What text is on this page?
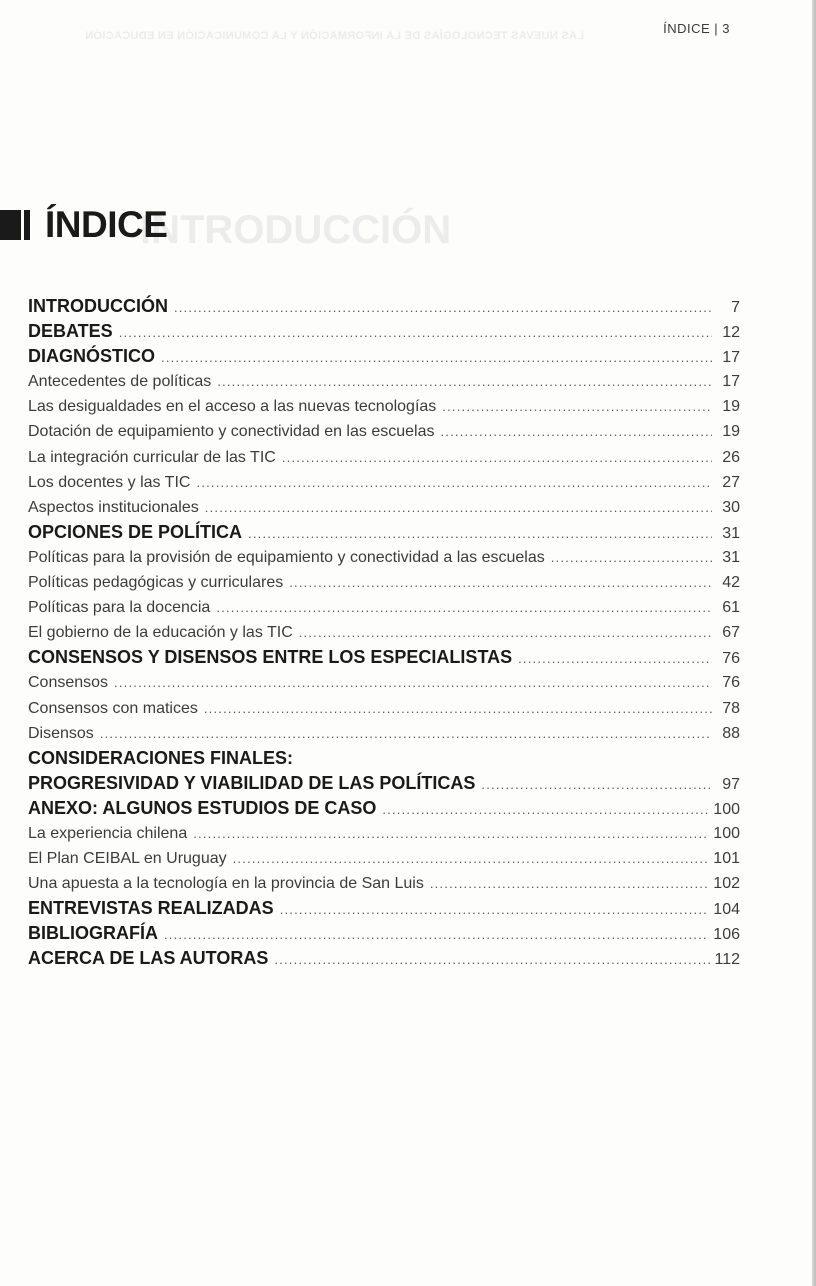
LAS NUEVAS TECNOLOGÍAS DE LA INFORMACIÓN Y LA COMUNICACIÓN EN EDUCACIÓN
INTRODUCCIÓN
ÍNDICE | 3
ÍNDICE
INTRODUCCIÓN .....	7
DEBATES .....	12
DIAGNÓSTICO .....	17
Antecedentes de políticas .....	17
Las desigualdades en el acceso a las nuevas tecnologías .....	19
Dotación de equipamiento y conectividad en las escuelas .....	19
La integración curricular de las TIC .....	26
Los docentes y las TIC .....	27
Aspectos institucionales .....	30
OPCIONES DE POLÍTICA .....	31
Políticas para la provisión de equipamiento y conectividad a las escuelas .....	31
Políticas pedagógicas y curriculares .....	42
Políticas para la docencia .....	61
El gobierno de la educación y las TIC .....	67
CONSENSOS Y DISENSOS ENTRE LOS ESPECIALISTAS .....	76
Consensos .....	76
Consensos con matices .....	78
Disensos .....	88
CONSIDERACIONES FINALES:
PROGRESIVIDAD Y VIABILIDAD DE LAS POLÍTICAS .....	97
ANEXO: ALGUNOS ESTUDIOS DE CASO .....	100
La experiencia chilena .....	100
El Plan CEIBAL en Uruguay .....	101
Una apuesta a la tecnología en la provincia de San Luis .....	102
ENTREVISTAS REALIZADAS .....	104
BIBLIOGRAFÍA .....	106
ACERCA DE LAS AUTORAS .....	112
